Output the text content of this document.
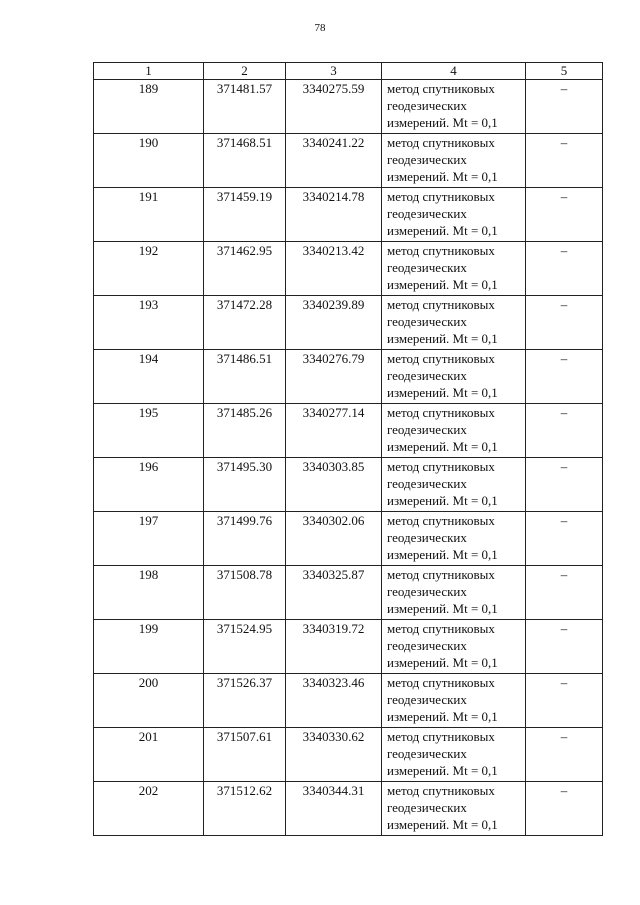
78
1	2	3	4	5
189	371481.57	3340275.59	метод спутниковых
геодезических
измерений. Mt = 0,1	–
190	371468.51	3340241.22	метод спутниковых
геодезических
измерений. Mt = 0,1	–
191	371459.19	3340214.78	метод спутниковых
геодезических
измерений. Mt = 0,1	–
192	371462.95	3340213.42	метод спутниковых
геодезических
измерений. Mt = 0,1	–
193	371472.28	3340239.89	метод спутниковых
геодезических
измерений. Mt = 0,1	–
194	371486.51	3340276.79	метод спутниковых
геодезических
измерений. Mt = 0,1	–
195	371485.26	3340277.14	метод спутниковых
геодезических
измерений. Mt = 0,1	–
196	371495.30	3340303.85	метод спутниковых
геодезических
измерений. Mt = 0,1	–
197	371499.76	3340302.06	метод спутниковых
геодезических
измерений. Mt = 0,1	–
198	371508.78	3340325.87	метод спутниковых
геодезических
измерений. Mt = 0,1	–
199	371524.95	3340319.72	метод спутниковых
геодезических
измерений. Mt = 0,1	–
200	371526.37	3340323.46	метод спутниковых
геодезических
измерений. Mt = 0,1	–
201	371507.61	3340330.62	метод спутниковых
геодезических
измерений. Mt = 0,1	–
202	371512.62	3340344.31	метод спутниковых
геодезических
измерений. Mt = 0,1	–
